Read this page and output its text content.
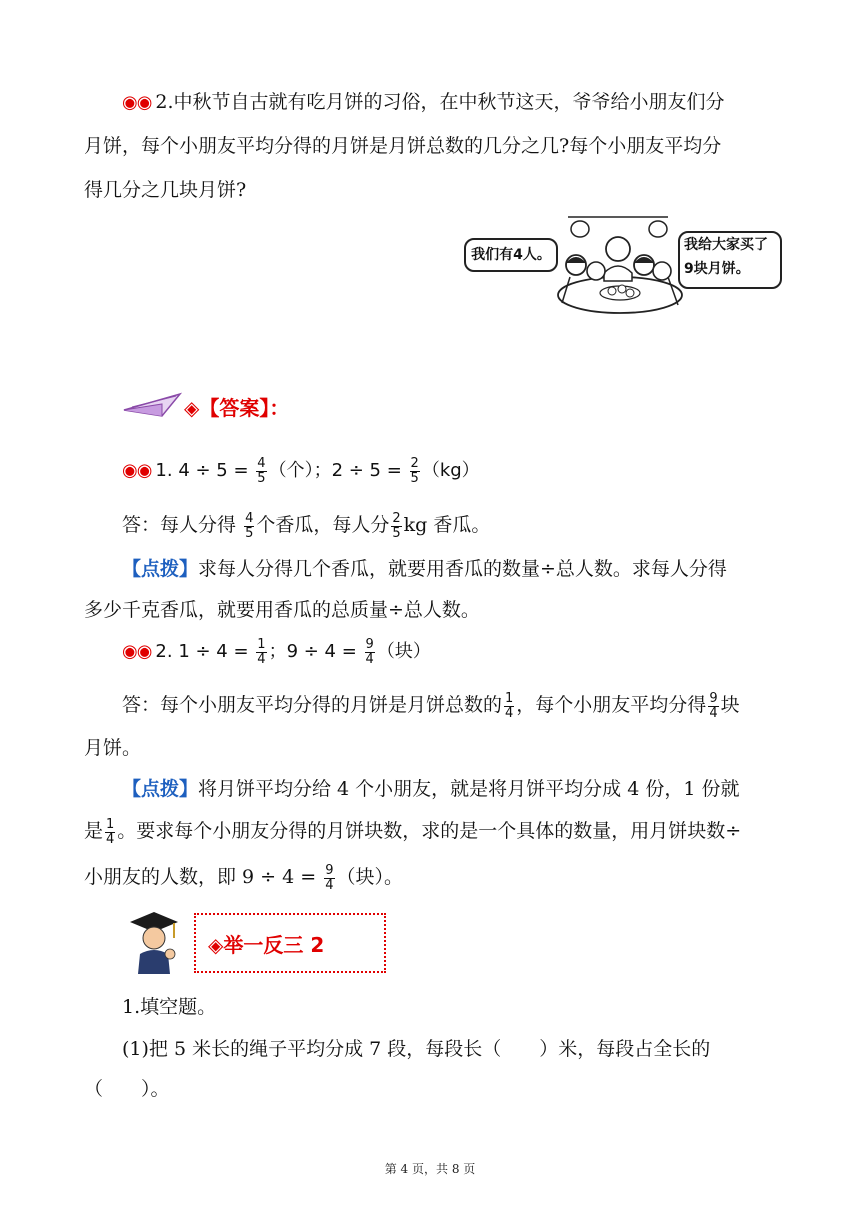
◉◉ 2.中秋节自古就有吃月饼的习俗，在中秋节这天，爷爷给小朋友们分
月饼，每个小朋友平均分得的月饼是月饼总数的几分之几?每个小朋友平均分
得几分之几块月饼?
我们有4人。
我给大家买了
9块月饼。
◈【答案】：
◉◉ 1. $4 \div 5 = \frac{4}{5}$ （个）；$2 \div 5 = \frac{2}{5} (kg)$
答：每人分得 $\frac{4}{5}$ 个香瓜，每人分 $\frac{2}{5}$ kg 香瓜。
【点拨】求每人分得几个香瓜，就要用香瓜的数量÷总人数。求每人分得
多少千克香瓜，就要用香瓜的总质量÷总人数。
◉◉ 2. $1 \div 4 = \frac{1}{4}$ ；$9 \div 4 = \frac{9}{4}$ （块）
答：每个小朋友平均分得的月饼是月饼总数的 $\frac{1}{4}$ ，每个小朋友平均分得 $\frac{9}{4}$ 块
月饼。
【点拨】将月饼平均分给 4 个小朋友，就是将月饼平均分成 4 份，1 份就
是 $\frac{1}{4}$ 。要求每个小朋友分得的月饼块数，求的是一个具体的数量，用月饼块数÷
小朋友的人数，即 $9 \div 4 = \frac{9}{4}$ （块）。
◈举一反三 2
1.填空题。
(1)把 5 米长的绳子平均分成 7 段，每段长（　　）米，每段占全长的
（　　）。
第 4 页，共 8 页
